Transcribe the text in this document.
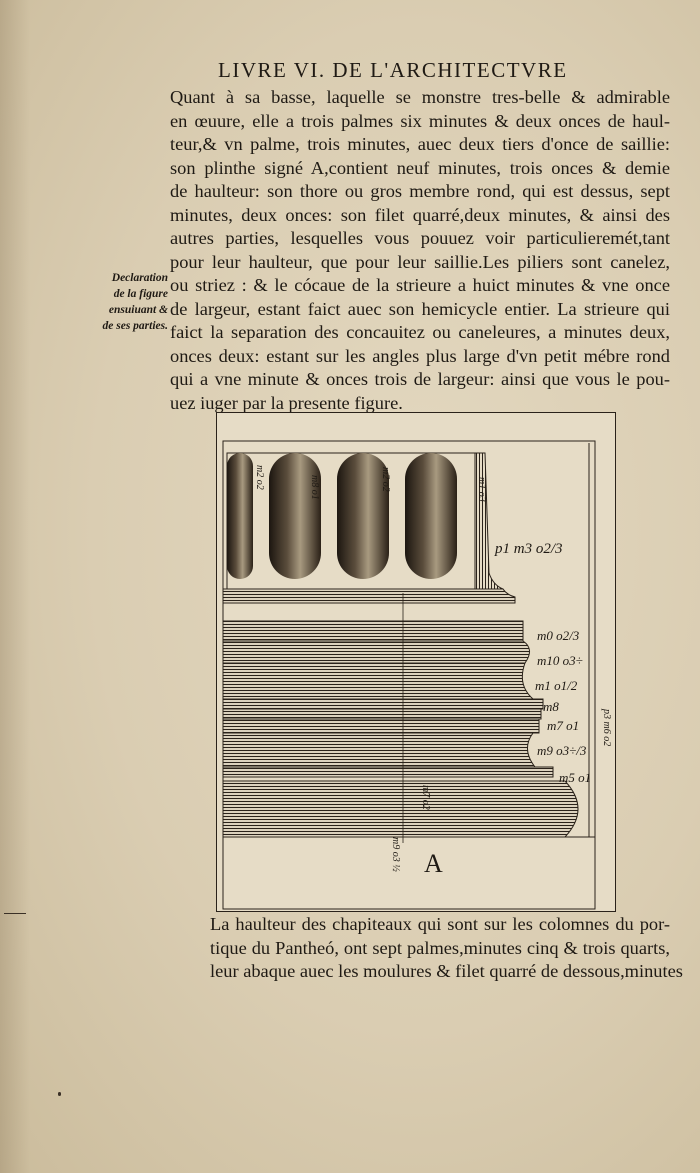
LIVRE VI. DE L'ARCHITECTVRE

Quant à sa basse, laquelle se monstre tres-belle & admirable
en œuure, elle a trois palmes six minutes & deux onces de haul-
teur,& vn palme, trois minutes, auec deux tiers d'once de saillie:
son plinthe signé A,contient neuf minutes, trois onces & demie
de haulteur: son thore ou gros membre rond, qui est dessus, sept
minutes, deux onces: son filet quarré,deux minutes, & ainsi des
autres parties, lesquelles vous pouuez voir particulieremét,tant
pour leur haulteur, que pour leur saillie.Les piliers sont canelez,
ou striez : & le cócaue de la strieure a huict minutes & vne once
de largeur, estant faict auec son hemicycle entier. La strieure qui
faict la separation des concauitez ou caneleures, a minutes deux,
onces deux: estant sur les angles plus large d'vn petit mébre rond
qui a vne minute & onces trois de largeur: ainsi que vous le pou-
uez iuger par la presente figure.

Declaration
de la figure
ensuiuant &
de ses parties.
A
p1 m3 o2/3
m0 o2/3
m10 o3÷
m1 o1/2
m8
m7 o1
m9 o3÷/3
m5 o1
p3 m6 o2
m9 o3 ½
m7 o2
m2 o2	m8 o1	m2 o2	m1 o3

La haulteur des chapiteaux qui sont sur les colomnes du por-
tique du Pantheó, ont sept palmes,minutes cinq & trois quarts,
leur abaque auec les moulures & filet quarré de dessous,minutes
